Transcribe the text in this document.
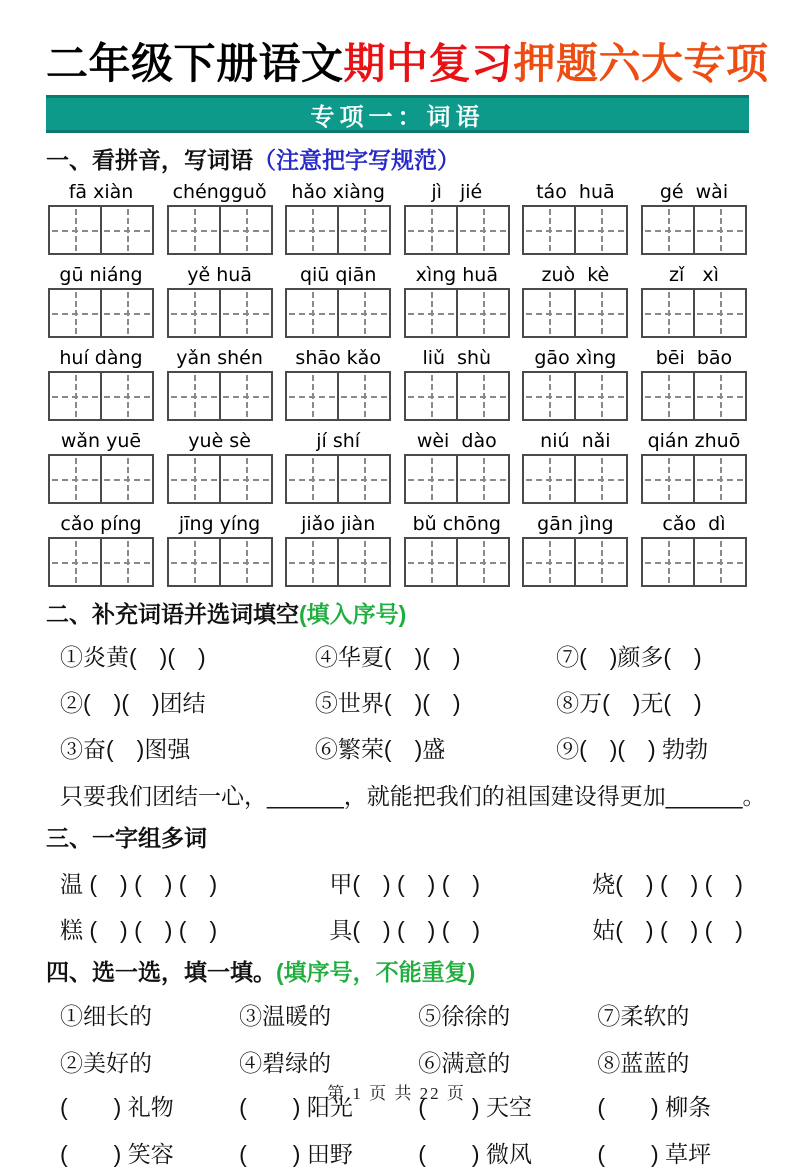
二年级下册语文期中复习押题六大专项
专项一：词语
一、看拼音，写词语（注意把字写规范）
fā xiàn	chéngguǒ	hǎo xiàng	jì   jié	táo  huā	gé  wài
gū niáng	yě huā	qiū qiān	xìng huā	zuò  kè	zǐ   xì
huí dàng	yǎn shén	shāo kǎo	liǔ  shù	gāo xìng	bēi  bāo
wǎn yuē	yuè sè	jí shí	wèi  dào	niú  nǎi	qián zhuō
cǎo píng	jīng yíng	jiǎo jiàn	bǔ chōng	gān jìng	cǎo  dì
二、补充词语并选词填空(填入序号)
①炎黄(　)(　)	④华夏(　)(　)	⑦(　)颜多(　)
②(　)(　)团结	⑤世界(　)(　)	⑧万(　)无(　)
③奋(　)图强	⑥繁荣(　)盛	⑨(　)(　) 勃勃
只要我们团结一心，______，就能把我们的祖国建设得更加______。
三、一字组多词
温 (　) (　) (　)	甲(　) (　) (　)	烧(　) (　) (　)
糕 (　) (　) (　)	具(　) (　) (　)	姑(　) (　) (　)
四、选一选，填一填。(填序号，不能重复)
①细长的	③温暖的	⑤徐徐的	⑦柔软的
②美好的	④碧绿的	⑥满意的	⑧蓝蓝的
(　　) 礼物	(　　) 阳光	(　　) 天空	(　　) 柳条
(　　) 笑容	(　　) 田野	(　　) 微风	(　　) 草坪
第 1 页 共 22 页
